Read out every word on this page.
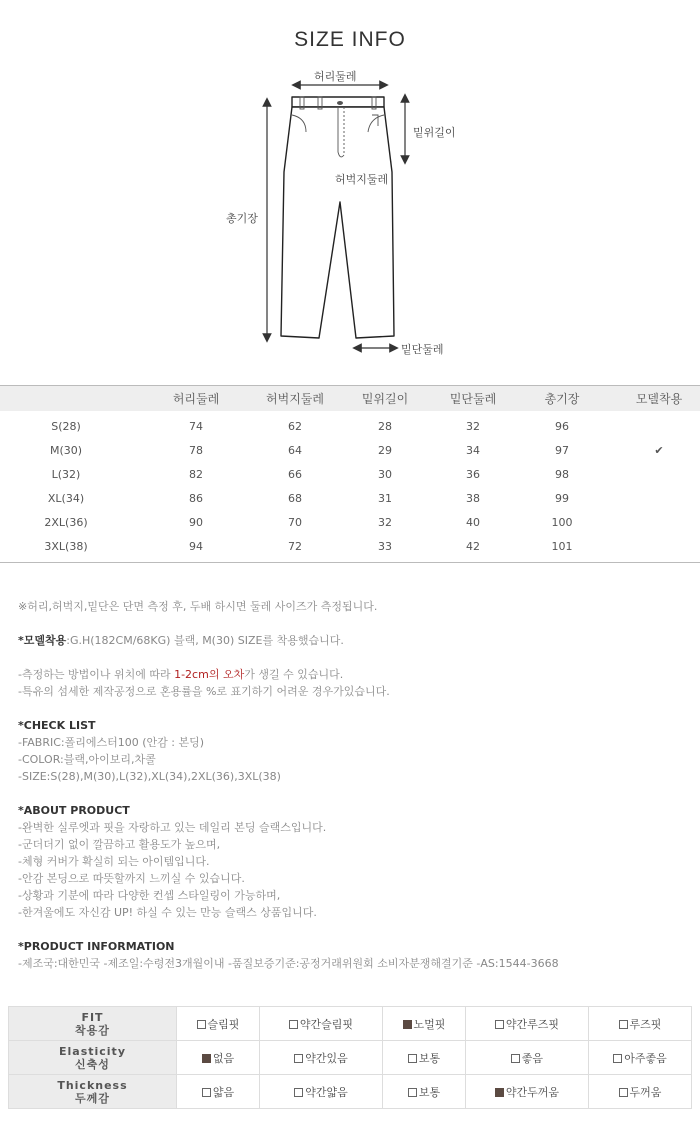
SIZE INFO
허리둘레
밑위길이
허벅지둘레
총기장
밑단둘레
	허리둘레	허벅지둘레	밑위길이	밑단둘레	총기장	모델착용
S(28)	74	62	28	32	96	
M(30)	78	64	29	34	97	✔
L(32)	82	66	30	36	98	
XL(34)	86	68	31	38	99	
2XL(36)	90	70	32	40	100	
3XL(38)	94	72	33	42	101	
※허리,허벅지,밑단은 단면 측정 후, 두배 하시면 둘레 사이즈가 측정됩니다.
*모델착용:G.H(182CM/68KG) 블랙, M(30) SIZE를 착용했습니다.
-측정하는 방법이나 위치에 따라 1-2cm의 오차가 생길 수 있습니다.
-특유의 섬세한 제작공정으로 혼용률을 %로 표기하기 어려운 경우가있습니다.
*CHECK LIST
-FABRIC:폴리에스터100 (안감 : 본딩)
-COLOR:블랙,아이보리,차콜
-SIZE:S(28),M(30),L(32),XL(34),2XL(36),3XL(38)
*ABOUT PRODUCT
-완벽한 실루엣과 핏을 자랑하고 있는 데일리 본딩 슬랙스입니다.
-군더더기 없이 깔끔하고 활용도가 높으며,
-체형 커버가 확실히 되는 아이템입니다.
-안감 본딩으로 따뜻할까지 느끼실 수 있습니다.
-상황과 기분에 따라 다양한 컨셉 스타일링이 가능하며,
-한겨울에도 자신감 UP! 하실 수 있는 만능 슬랙스 상품입니다.
*PRODUCT INFORMATION
-제조국:대한민국 -제조일:수령전3개월이내 -품질보증기준:공정거래위원회 소비자분쟁해결기준 -AS:1544-3668
FIT
착용감	슬림핏	약간슬림핏	노멀핏	약간루즈핏	루즈핏

Elasticity
신축성	없음	약간있음	보통	좋음	아주좋음

Thickness
두께감	얇음	약간얇음	보통	약간두꺼움	두꺼움
